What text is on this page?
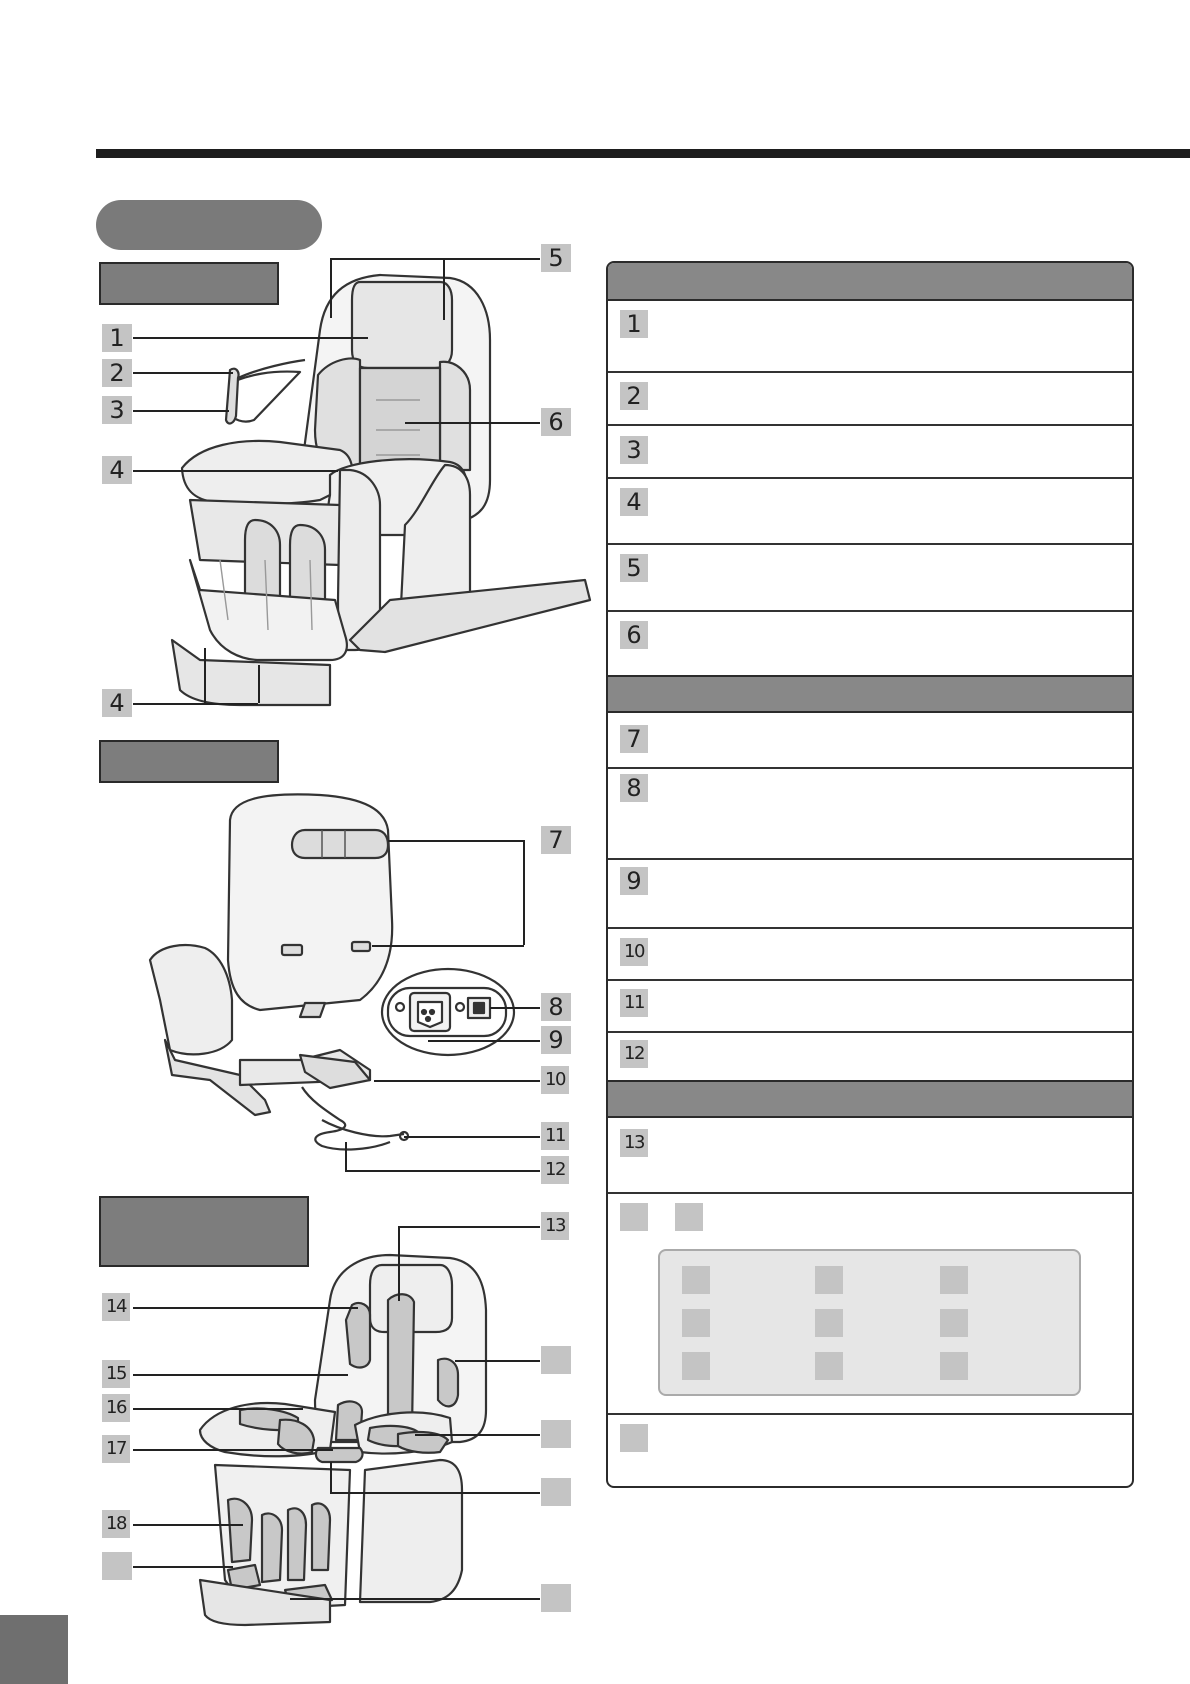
1
2
3
4
4
5
6
7
8
9
10
11
12
13
14
15
16
17
18
1
2
3
4
5
6
7
8
9
10
11
12
13
